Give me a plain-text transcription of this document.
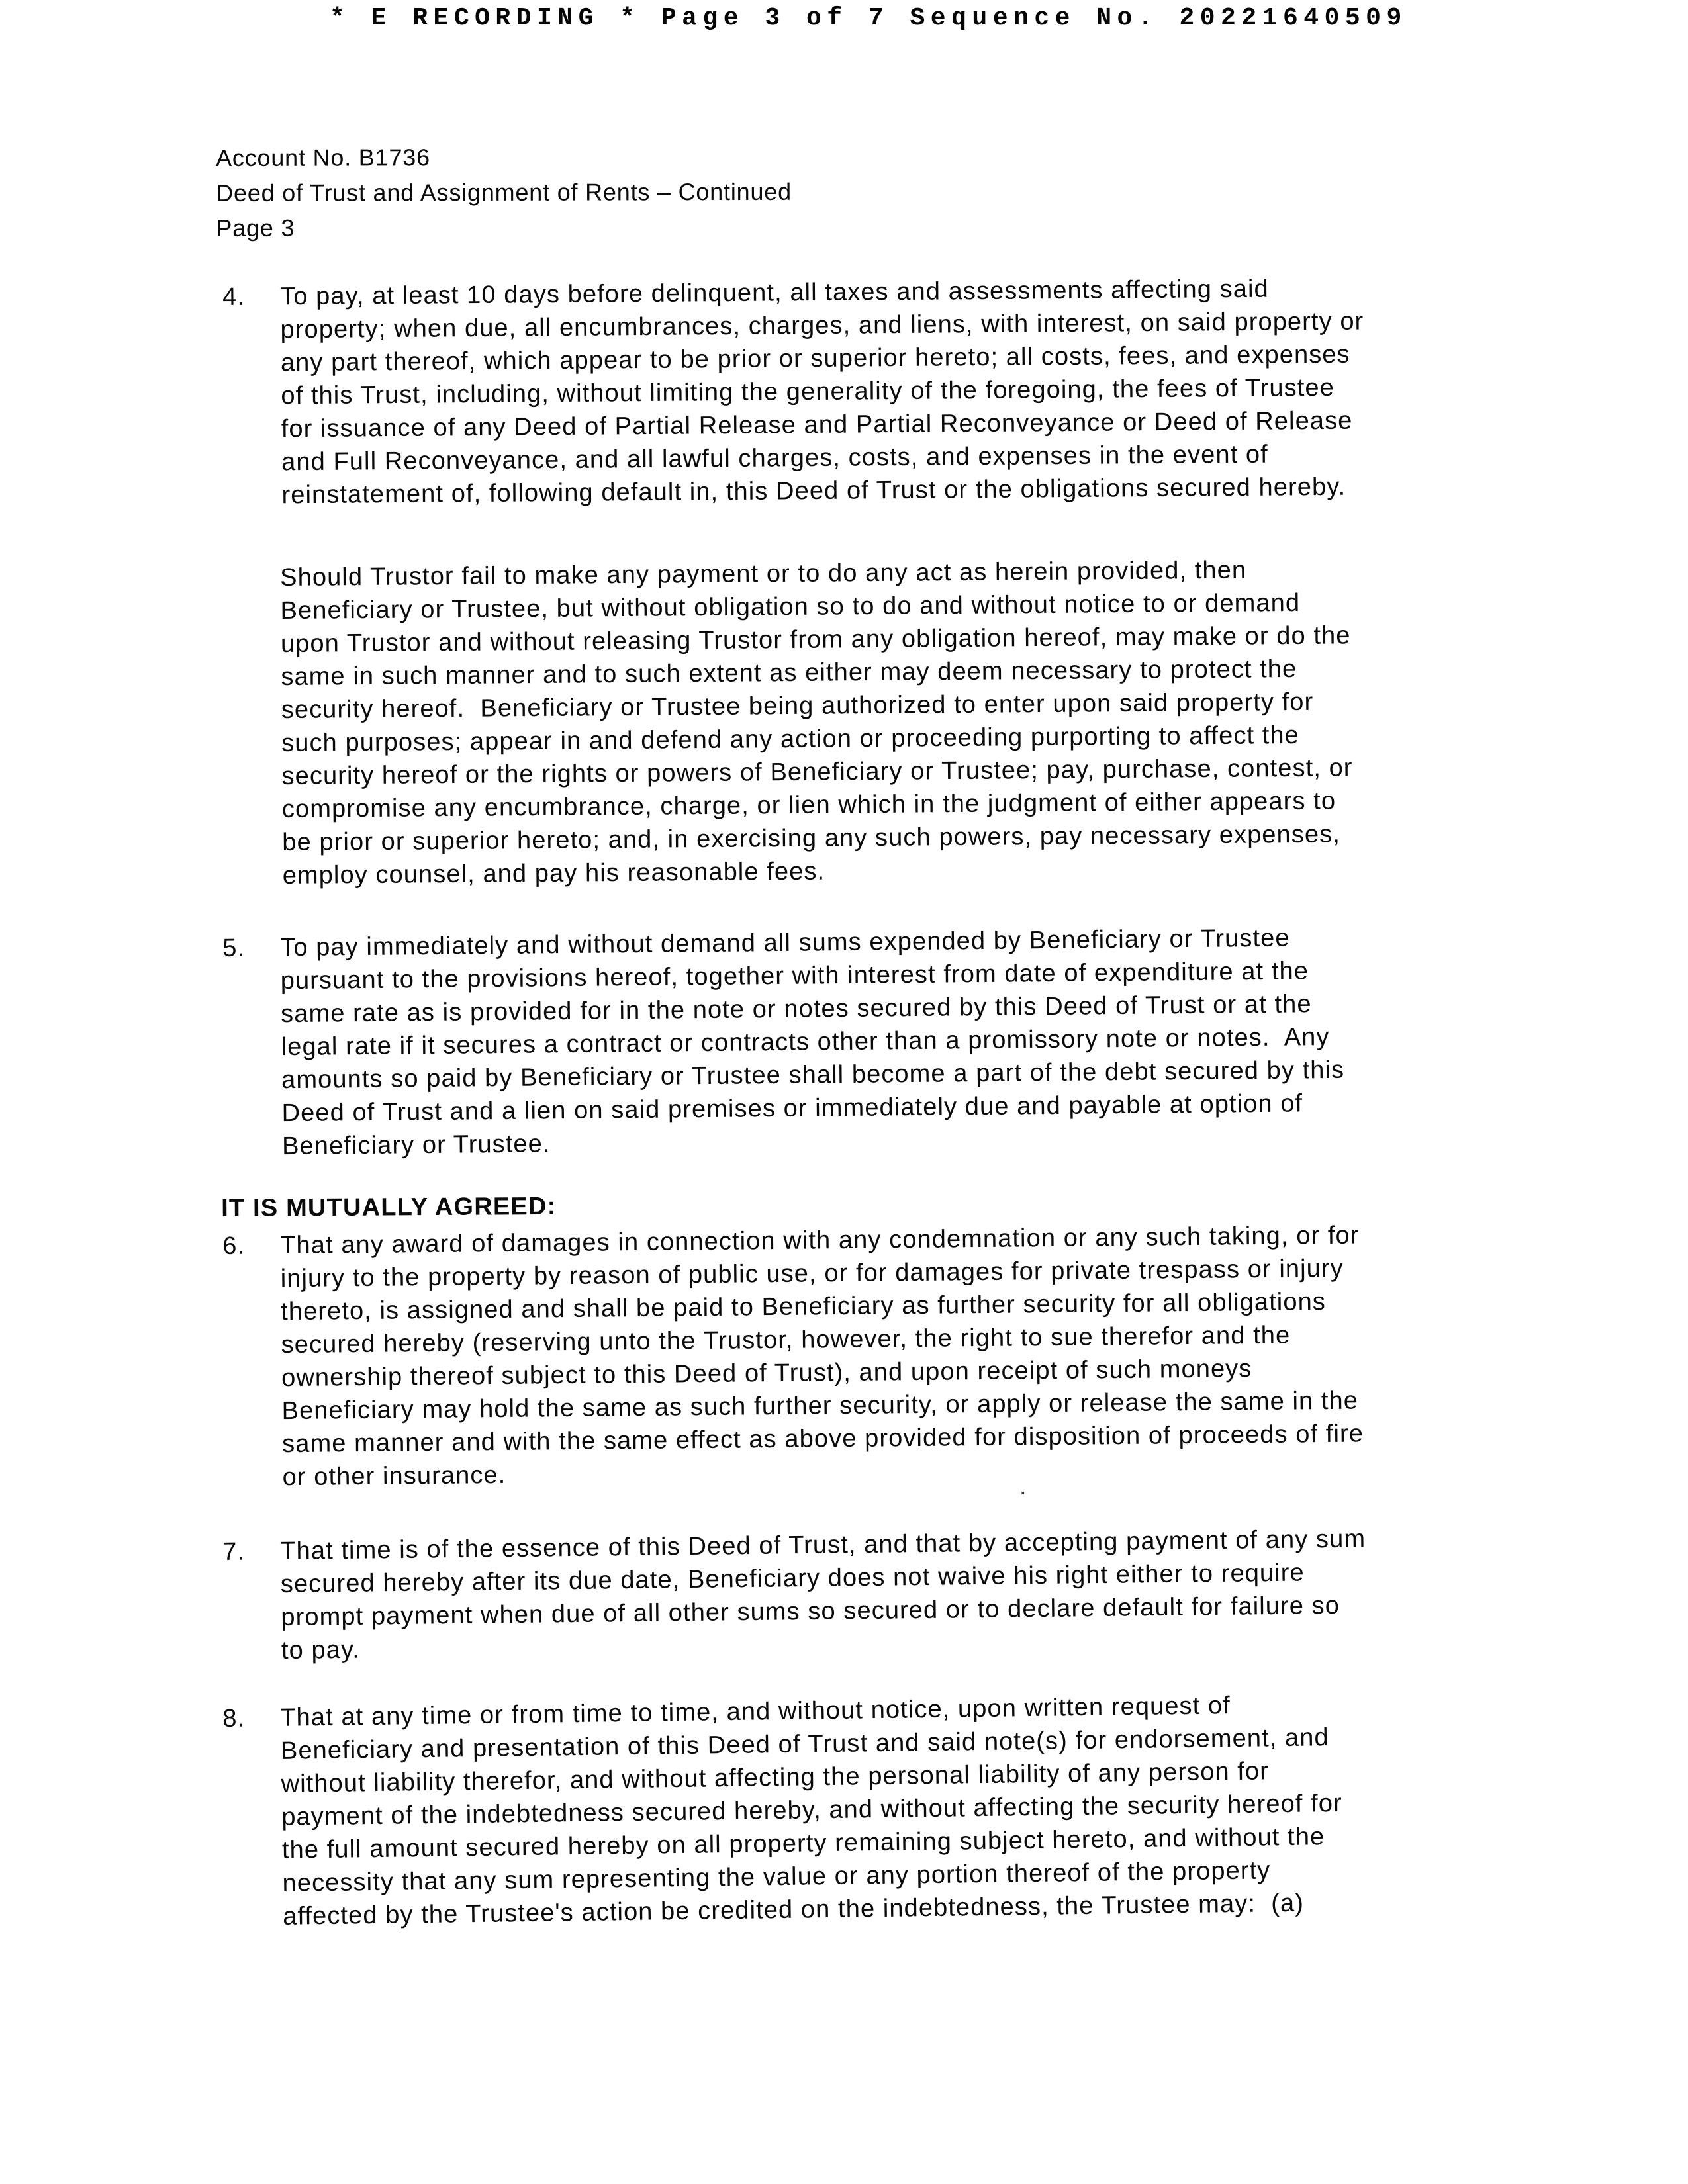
* E RECORDING * Page 3 of 7 Sequence No. 20221640509
Account No. B1736
Deed of Trust and Assignment of Rents – Continued
Page 3
4.	To pay, at least 10 days before delinquent, all taxes and assessments affecting said
property; when due, all encumbrances, charges, and liens, with interest, on said property or
any part thereof, which appear to be prior or superior hereto; all costs, fees, and expenses
of this Trust, including, without limiting the generality of the foregoing, the fees of Trustee
for issuance of any Deed of Partial Release and Partial Reconveyance or Deed of Release
and Full Reconveyance, and all lawful charges, costs, and expenses in the event of
reinstatement of, following default in, this Deed of Trust or the obligations secured hereby.
Should Trustor fail to make any payment or to do any act as herein provided, then
Beneficiary or Trustee, but without obligation so to do and without notice to or demand
upon Trustor and without releasing Trustor from any obligation hereof, may make or do the
same in such manner and to such extent as either may deem necessary to protect the
security hereof.  Beneficiary or Trustee being authorized to enter upon said property for
such purposes; appear in and defend any action or proceeding purporting to affect the
security hereof or the rights or powers of Beneficiary or Trustee; pay, purchase, contest, or
compromise any encumbrance, charge, or lien which in the judgment of either appears to
be prior or superior hereto; and, in exercising any such powers, pay necessary expenses,
employ counsel, and pay his reasonable fees.
5.	To pay immediately and without demand all sums expended by Beneficiary or Trustee
pursuant to the provisions hereof, together with interest from date of expenditure at the
same rate as is provided for in the note or notes secured by this Deed of Trust or at the
legal rate if it secures a contract or contracts other than a promissory note or notes.  Any
amounts so paid by Beneficiary or Trustee shall become a part of the debt secured by this
Deed of Trust and a lien on said premises or immediately due and payable at option of
Beneficiary or Trustee.
IT IS MUTUALLY AGREED:
6.	That any award of damages in connection with any condemnation or any such taking, or for
injury to the property by reason of public use, or for damages for private trespass or injury
thereto, is assigned and shall be paid to Beneficiary as further security for all obligations
secured hereby (reserving unto the Trustor, however, the right to sue therefor and the
ownership thereof subject to this Deed of Trust), and upon receipt of such moneys
Beneficiary may hold the same as such further security, or apply or release the same in the
same manner and with the same effect as above provided for disposition of proceeds of fire
or other insurance.	.
7.	That time is of the essence of this Deed of Trust, and that by accepting payment of any sum
secured hereby after its due date, Beneficiary does not waive his right either to require
prompt payment when due of all other sums so secured or to declare default for failure so
to pay.
8.	That at any time or from time to time, and without notice, upon written request of
Beneficiary and presentation of this Deed of Trust and said note(s) for endorsement, and
without liability therefor, and without affecting the personal liability of any person for
payment of the indebtedness secured hereby, and without affecting the security hereof for
the full amount secured hereby on all property remaining subject hereto, and without the
necessity that any sum representing the value or any portion thereof of the property
affected by the Trustee's action be credited on the indebtedness, the Trustee may:  (a)
